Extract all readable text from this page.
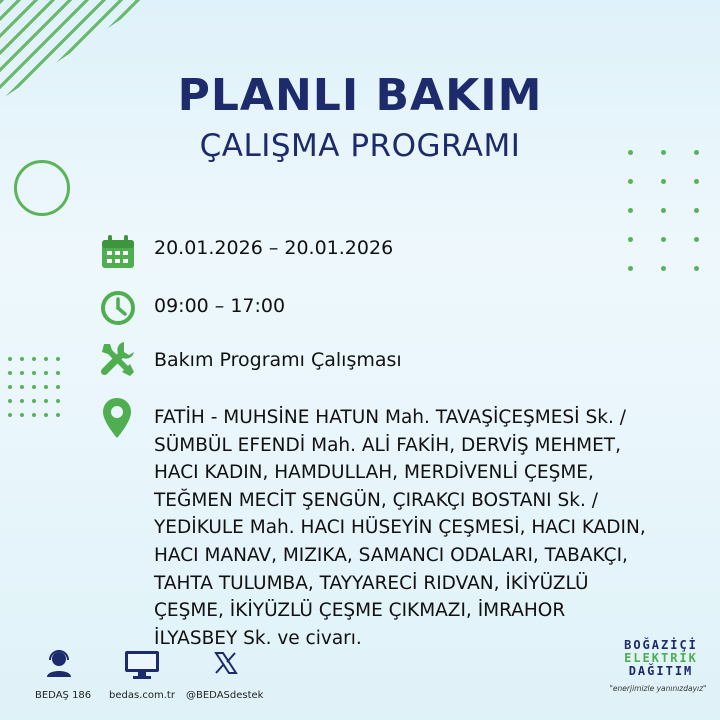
PLANLI BAKIM
ÇALIŞMA PROGRAMI
20.01.2026 – 20.01.2026
09:00 – 17:00
Bakım Programı Çalışması
FATİH - MUHSİNE HATUN Mah. TAVAŞİÇEŞMESİ Sk. /
SÜMBÜL EFENDİ Mah. ALİ FAKİH, DERVİŞ MEHMET,
HACI KADIN, HAMDULLAH, MERDİVENLİ ÇEŞME,
TEĞMEN MECİT ŞENGÜN, ÇIRAKÇI BOSTANI Sk. /
YEDİKULE Mah. HACI HÜSEYİN ÇEŞMESİ, HACI KADIN,
HACI MANAV, MIZIKA, SAMANCI ODALARI, TABAKÇI,
TAHTA TULUMBA, TAYYARECİ RIDVAN, İKİYÜZLÜ
ÇEŞME, İKİYÜZLÜ ÇEŞME ÇIKMAZI, İMRAHOR
İLYASBEY Sk. ve civarı.
BEDAŞ 186 bedas.com.tr @BEDASdestek
BOĞAZİÇİ
ELEKTRİK
DAĞITIM
"enerjimizle yanınızdayız"
